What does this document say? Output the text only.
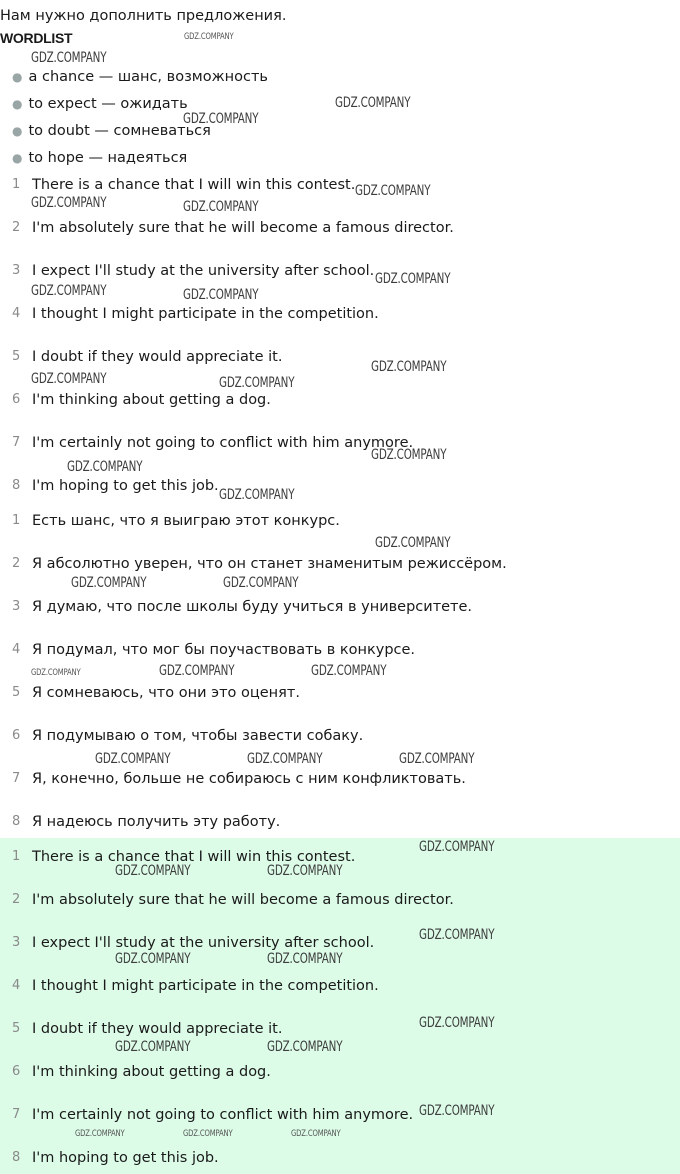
Нам нужно дополнить предложения.
WORDLIST
● a chance — шанс, возможность
● to expect — ожидать
● to doubt — сомневаться
● to hope — надеяться
1 There is a chance that I will win this contest.
2 I'm absolutely sure that he will become a famous director.
3 I expect I'll study at the university after school.
4 I thought I might participate in the competition.
5 I doubt if they would appreciate it.
6 I'm thinking about getting a dog.
7 I'm certainly not going to conflict with him anymore.
8 I'm hoping to get this job.
1 Есть шанс, что я выиграю этот конкурс.
2 Я абсолютно уверен, что он станет знаменитым режиссёром.
3 Я думаю, что после школы буду учиться в университете.
4 Я подумал, что мог бы поучаствовать в конкурсе.
5 Я сомневаюсь, что они это оценят.
6 Я подумываю о том, чтобы завести собаку.
7 Я, конечно, больше не собираюсь с ним конфликтовать.
8 Я надеюсь получить эту работу.
1 There is a chance that I will win this contest.
2 I'm absolutely sure that he will become a famous director.
3 I expect I'll study at the university after school.
4 I thought I might participate in the competition.
5 I doubt if they would appreciate it.
6 I'm thinking about getting a dog.
7 I'm certainly not going to conflict with him anymore.
8 I'm hoping to get this job.
GDZ.COMPANY
GDZ.COMPANY
GDZ.COMPANY
GDZ.COMPANY
GDZ.COMPANY
GDZ.COMPANY	GDZ.COMPANY
GDZ.COMPANY
GDZ.COMPANY	GDZ.COMPANY
GDZ.COMPANY
GDZ.COMPANY	GDZ.COMPANY
GDZ.COMPANY
GDZ.COMPANY
GDZ.COMPANY
GDZ.COMPANY
GDZ.COMPANY	GDZ.COMPANY
GDZ.COMPANY	GDZ.COMPANY	GDZ.COMPANY
GDZ.COMPANY	GDZ.COMPANY	GDZ.COMPANY
GDZ.COMPANY
GDZ.COMPANY	GDZ.COMPANY
GDZ.COMPANY
GDZ.COMPANY	GDZ.COMPANY
GDZ.COMPANY
GDZ.COMPANY	GDZ.COMPANY
GDZ.COMPANY
GDZ.COMPANY	GDZ.COMPANY	GDZ.COMPANY
